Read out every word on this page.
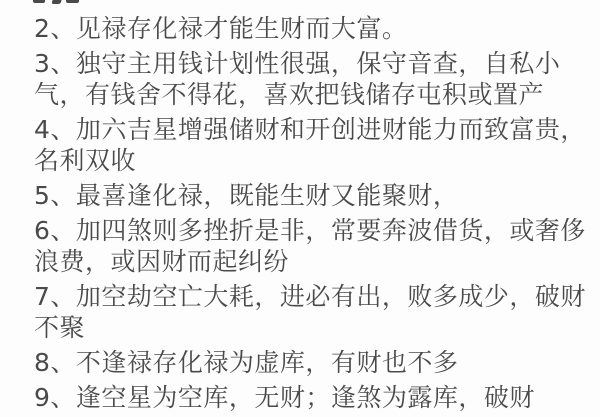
2、见禄存化禄才能生财而大富。
3、独守主用钱计划性很强，保守音查，自私小
气，有钱舍不得花，喜欢把钱储存屯积或置产
4、加六吉星增强储财和开创进财能力而致富贵，
名利双收
5、最喜逢化禄，既能生财又能聚财，
6、加四煞则多挫折是非，常要奔波借货，或奢侈
浪费，或因财而起纠纷
7、加空劫空亡大耗，进必有出，败多成少，破财
不聚
8、不逢禄存化禄为虚库，有财也不多
9、逢空星为空库，无财；逢煞为露库，破财
